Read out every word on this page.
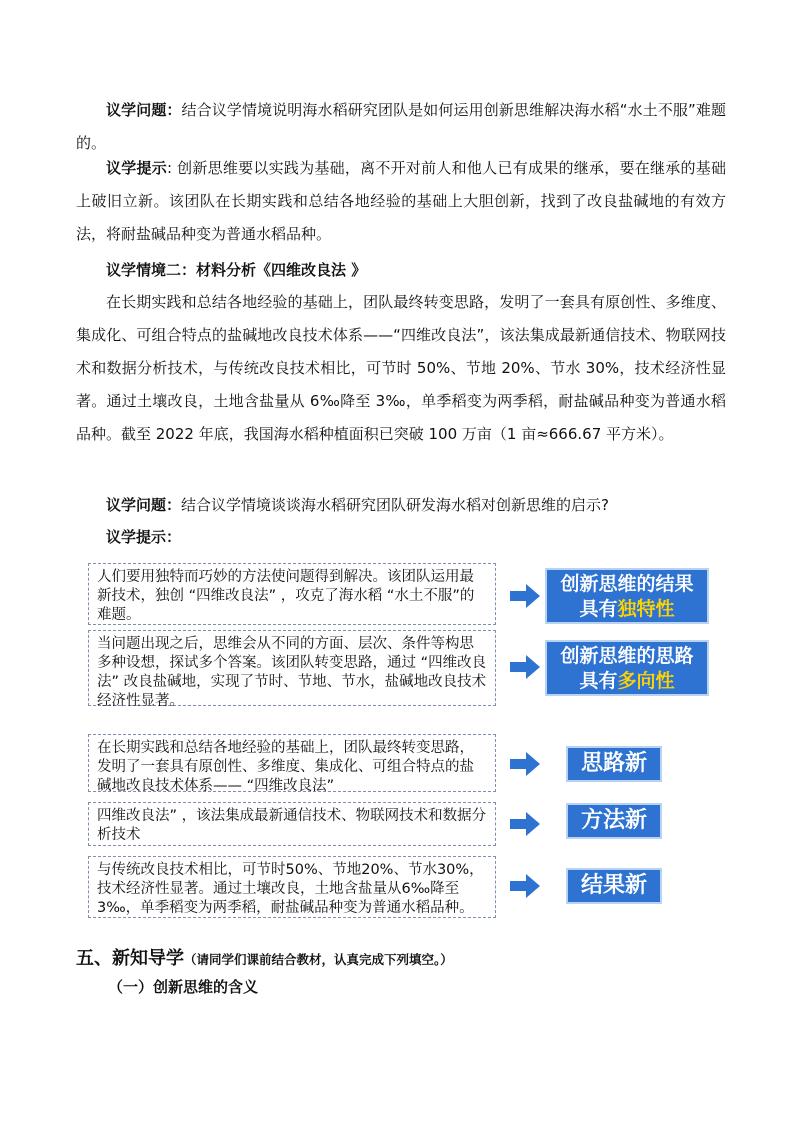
议学问题：结合议学情境说明海水稻研究团队是如何运用创新思维解决海水稻“水土不服”难题的。
议学提示: 创新思维要以实践为基础，离不开对前人和他人已有成果的继承，要在继承的基础上破旧立新。该团队在长期实践和总结各地经验的基础上大胆创新，找到了改良盐碱地的有效方法，将耐盐碱品种变为普通水稻品种。
议学情境二：材料分析《四维改良法 》
在长期实践和总结各地经验的基础上，团队最终转变思路，发明了一套具有原创性、多维度、集成化、可组合特点的盐碱地改良技术体系——“四维改良法”，该法集成最新通信技术、物联网技术和数据分析技术，与传统改良技术相比，可节时 50%、节地 20%、节水 30%，技术经济性显著。通过土壤改良，土地含盐量从 6‰降至 3‰，单季稻变为两季稻，耐盐碱品种变为普通水稻品种。截至 2022 年底，我国海水稻种植面积已突破 100 万亩（1 亩≈666.67 平方米）。
议学问题：结合议学情境谈谈海水稻研究团队研发海水稻对创新思维的启示?
议学提示：
人们要用独特而巧妙的方法使问题得到解决。该团队运用最新技术，独创 “四维改良法” ，攻克了海水稻 “水土不服”的难题。
创新思维的结果
具有独特性
当问题出现之后，思维会从不同的方面、层次、条件等构思多种设想，探试多个答案。该团队转变思路，通过 “四维改良法” 改良盐碱地，实现了节时、节地、节水，盐碱地改良技术经济性显著。
创新思维的思路
具有多向性
在长期实践和总结各地经验的基础上，团队最终转变思路，发明了一套具有原创性、多维度、集成化、可组合特点的盐碱地改良技术体系—— “四维改良法”
思路新
四维改良法” ，该法集成最新通信技术、物联网技术和数据分析技术
方法新
与传统改良技术相比，可节时50%、节地20%、节水30%，技术经济性显著。通过土壤改良，土地含盐量从6‰降至3‰，单季稻变为两季稻，耐盐碱品种变为普通水稻品种。
结果新
五、新知导学（请同学们课前结合教材，认真完成下列填空。）
（一）创新思维的含义
